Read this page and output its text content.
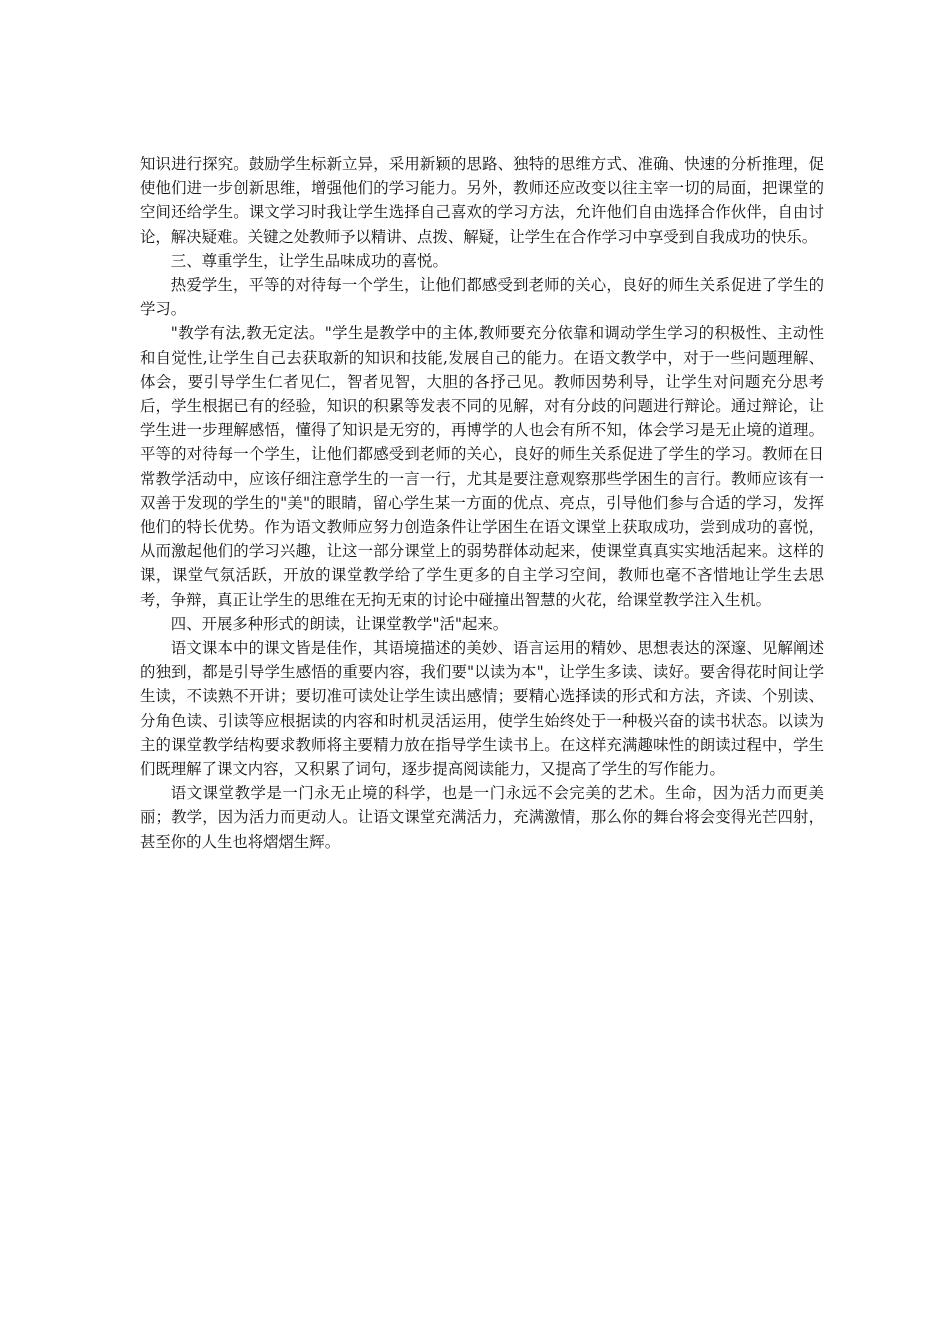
知识进行探究。鼓励学生标新立异，采用新颖的思路、独特的思维方式、准确、快速的分析推理，促使他们进一步创新思维，增强他们的学习能力。另外，教师还应改变以往主宰一切的局面，把课堂的空间还给学生。课文学习时我让学生选择自己喜欢的学习方法，允许他们自由选择合作伙伴，自由讨论，解决疑难。关键之处教师予以精讲、点拨、解疑，让学生在合作学习中享受到自我成功的快乐。

三、尊重学生，让学生品味成功的喜悦。

热爱学生，平等的对待每一个学生，让他们都感受到老师的关心，良好的师生关系促进了学生的学习。

"教学有法,教无定法。"学生是教学中的主体,教师要充分依靠和调动学生学习的积极性、主动性和自觉性,让学生自己去获取新的知识和技能,发展自己的能力。在语文教学中，对于一些问题理解、体会，要引导学生仁者见仁，智者见智，大胆的各抒己见。教师因势利导，让学生对问题充分思考后，学生根据已有的经验，知识的积累等发表不同的见解，对有分歧的问题进行辩论。通过辩论，让学生进一步理解感悟，懂得了知识是无穷的，再博学的人也会有所不知，体会学习是无止境的道理。平等的对待每一个学生，让他们都感受到老师的关心，良好的师生关系促进了学生的学习。教师在日常教学活动中，应该仔细注意学生的一言一行，尤其是要注意观察那些学困生的言行。教师应该有一双善于发现的学生的"美"的眼睛，留心学生某一方面的优点、亮点，引导他们参与合适的学习，发挥他们的特长优势。作为语文教师应努力创造条件让学困生在语文课堂上获取成功，尝到成功的喜悦，从而激起他们的学习兴趣，让这一部分课堂上的弱势群体动起来，使课堂真真实实地活起来。这样的课，课堂气氛活跃，开放的课堂教学给了学生更多的自主学习空间，教师也毫不吝惜地让学生去思考，争辩，真正让学生的思维在无拘无束的讨论中碰撞出智慧的火花，给课堂教学注入生机。

四、开展多种形式的朗读，让课堂教学"活"起来。

语文课本中的课文皆是佳作，其语境描述的美妙、语言运用的精妙、思想表达的深邃、见解阐述的独到，都是引导学生感悟的重要内容，我们要"以读为本"，让学生多读、读好。要舍得花时间让学生读，不读熟不开讲；要切准可读处让学生读出感情；要精心选择读的形式和方法，齐读、个别读、分角色读、引读等应根据读的内容和时机灵活运用，使学生始终处于一种极兴奋的读书状态。以读为主的课堂教学结构要求教师将主要精力放在指导学生读书上。在这样充满趣味性的朗读过程中，学生们既理解了课文内容，又积累了词句，逐步提高阅读能力，又提高了学生的写作能力。

语文课堂教学是一门永无止境的科学，也是一门永远不会完美的艺术。生命，因为活力而更美丽；教学，因为活力而更动人。让语文课堂充满活力，充满激情，那么你的舞台将会变得光芒四射，甚至你的人生也将熠熠生辉。
